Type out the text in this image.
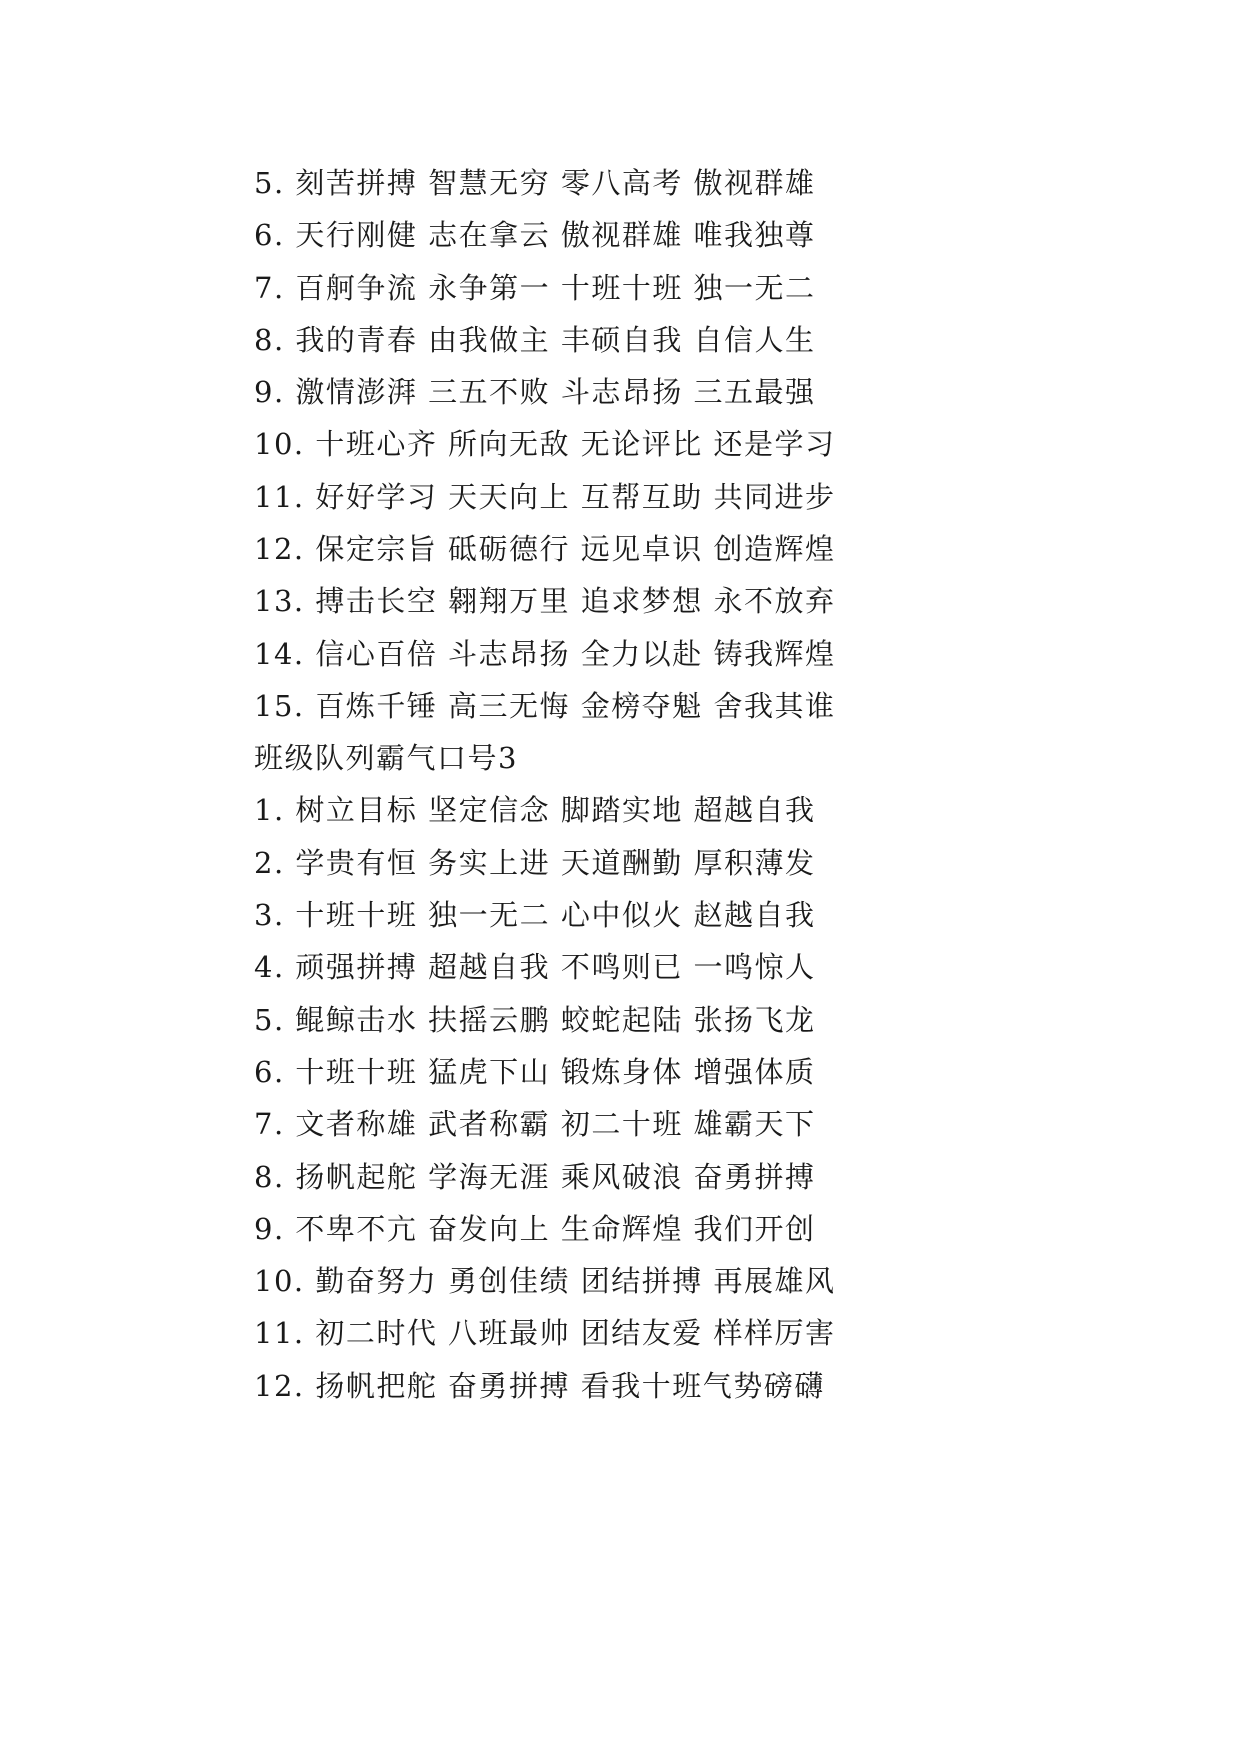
5. 刻苦拼搏 智慧无穷 零八高考 傲视群雄
6. 天行刚健 志在拿云 傲视群雄 唯我独尊
7. 百舸争流 永争第一 十班十班 独一无二
8. 我的青春 由我做主 丰硕自我 自信人生
9. 激情澎湃 三五不败 斗志昂扬 三五最强
10. 十班心齐 所向无敌 无论评比 还是学习
11. 好好学习 天天向上 互帮互助 共同进步
12. 保定宗旨 砥砺德行 远见卓识 创造辉煌
13. 搏击长空 翱翔万里 追求梦想 永不放弃
14. 信心百倍 斗志昂扬 全力以赴 铸我辉煌
15. 百炼千锤 高三无悔 金榜夺魁 舍我其谁
班级队列霸气口号3
1. 树立目标 坚定信念 脚踏实地 超越自我
2. 学贵有恒 务实上进 天道酬勤 厚积薄发
3. 十班十班 独一无二 心中似火 赵越自我
4. 顽强拼搏 超越自我 不鸣则已 一鸣惊人
5. 鲲鲸击水 扶摇云鹏 蛟蛇起陆 张扬飞龙
6. 十班十班 猛虎下山 锻炼身体 增强体质
7. 文者称雄 武者称霸 初二十班 雄霸天下
8. 扬帆起舵 学海无涯 乘风破浪 奋勇拼搏
9. 不卑不亢 奋发向上 生命辉煌 我们开创
10. 勤奋努力 勇创佳绩 团结拼搏 再展雄风
11. 初二时代 八班最帅 团结友爱 样样厉害
12. 扬帆把舵 奋勇拼搏 看我十班气势磅礴
